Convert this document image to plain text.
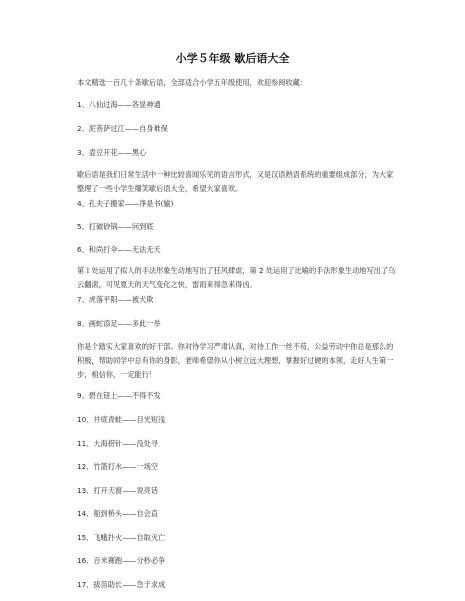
小学５年级 歇后语大全
本文精选一百几十条歇后语，全部适合小学五年级使用，欢迎参阅收藏：
1、八仙过海——各显神通
2、泥菩萨过江——自身难保
3、壶豆开花——黑心
歇后语是我们日常生活中一种比较喜闻乐见的语言形式，又是汉语熟语系统的重要组成部分，为大家整理了一些小学生爆笑歇后语大全，希望大家喜欢。
4、孔夫子搬家——净是书(输)
5、打破砂锅——问到底
6、和尚打伞——无法无天
第１处运用了拟人的手法形象生动地写出了狂风肆虐，第 2 处运用了比喻的手法形象生动地写出了乌云翻滚，可见夏天的天气变化之快，雷雨来得急来得凶。
7、虎落平阳——被犬欺
8、画蛇添足——多此一举
你是个踏实大家喜欢的好干部。你对待学习严肃认真，对待工作一丝不苟，公益劳动中你总是那么的积极，帮助同学中总有你的身影，老师希望你从小树立远大理想，掌握好过硬的本领，走好人生第一步，相信你，一定能行！
9、碧在钮上——不得不发
10、井底青蛙——目光短浅
11、大海捞针——没处寻
12、竹篮打水——一场空
13、打开天窗——说亮话
14、船到桥头——自会直
15、飞蛾扑火——自取灭亡
16、百米赛跑——分秒必争
17、拔苗助长——急于求成
